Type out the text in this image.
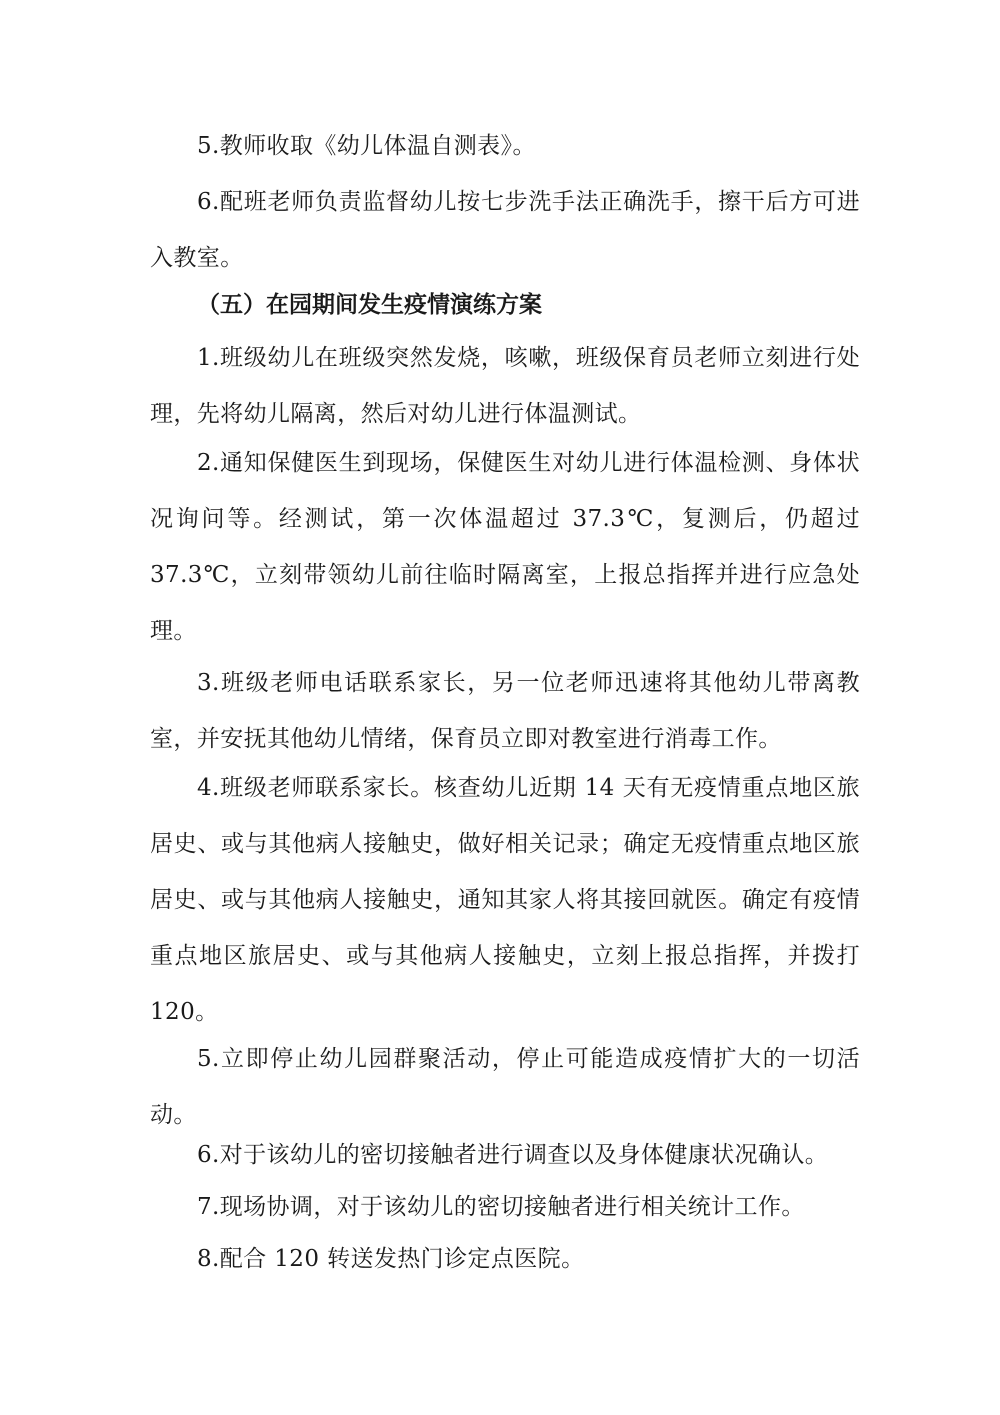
5.教师收取《幼儿体温自测表》。

6.配班老师负责监督幼儿按七步洗手法正确洗手，擦干后方可进入教室。

（五）在园期间发生疫情演练方案

1.班级幼儿在班级突然发烧，咳嗽，班级保育员老师立刻进行处理，先将幼儿隔离，然后对幼儿进行体温测试。

2.通知保健医生到现场，保健医生对幼儿进行体温检测、身体状况询问等。经测试，第一次体温超过 37.3℃，复测后，仍超过37.3℃，立刻带领幼儿前往临时隔离室，上报总指挥并进行应急处理。

3.班级老师电话联系家长，另一位老师迅速将其他幼儿带离教室，并安抚其他幼儿情绪，保育员立即对教室进行消毒工作。

4.班级老师联系家长。核查幼儿近期 14 天有无疫情重点地区旅居史、或与其他病人接触史，做好相关记录；确定无疫情重点地区旅居史、或与其他病人接触史，通知其家人将其接回就医。确定有疫情重点地区旅居史、或与其他病人接触史，立刻上报总指挥，并拨打 120。

5.立即停止幼儿园群聚活动，停止可能造成疫情扩大的一切活动。

6.对于该幼儿的密切接触者进行调查以及身体健康状况确认。

7.现场协调，对于该幼儿的密切接触者进行相关统计工作。

8.配合 120 转送发热门诊定点医院。
